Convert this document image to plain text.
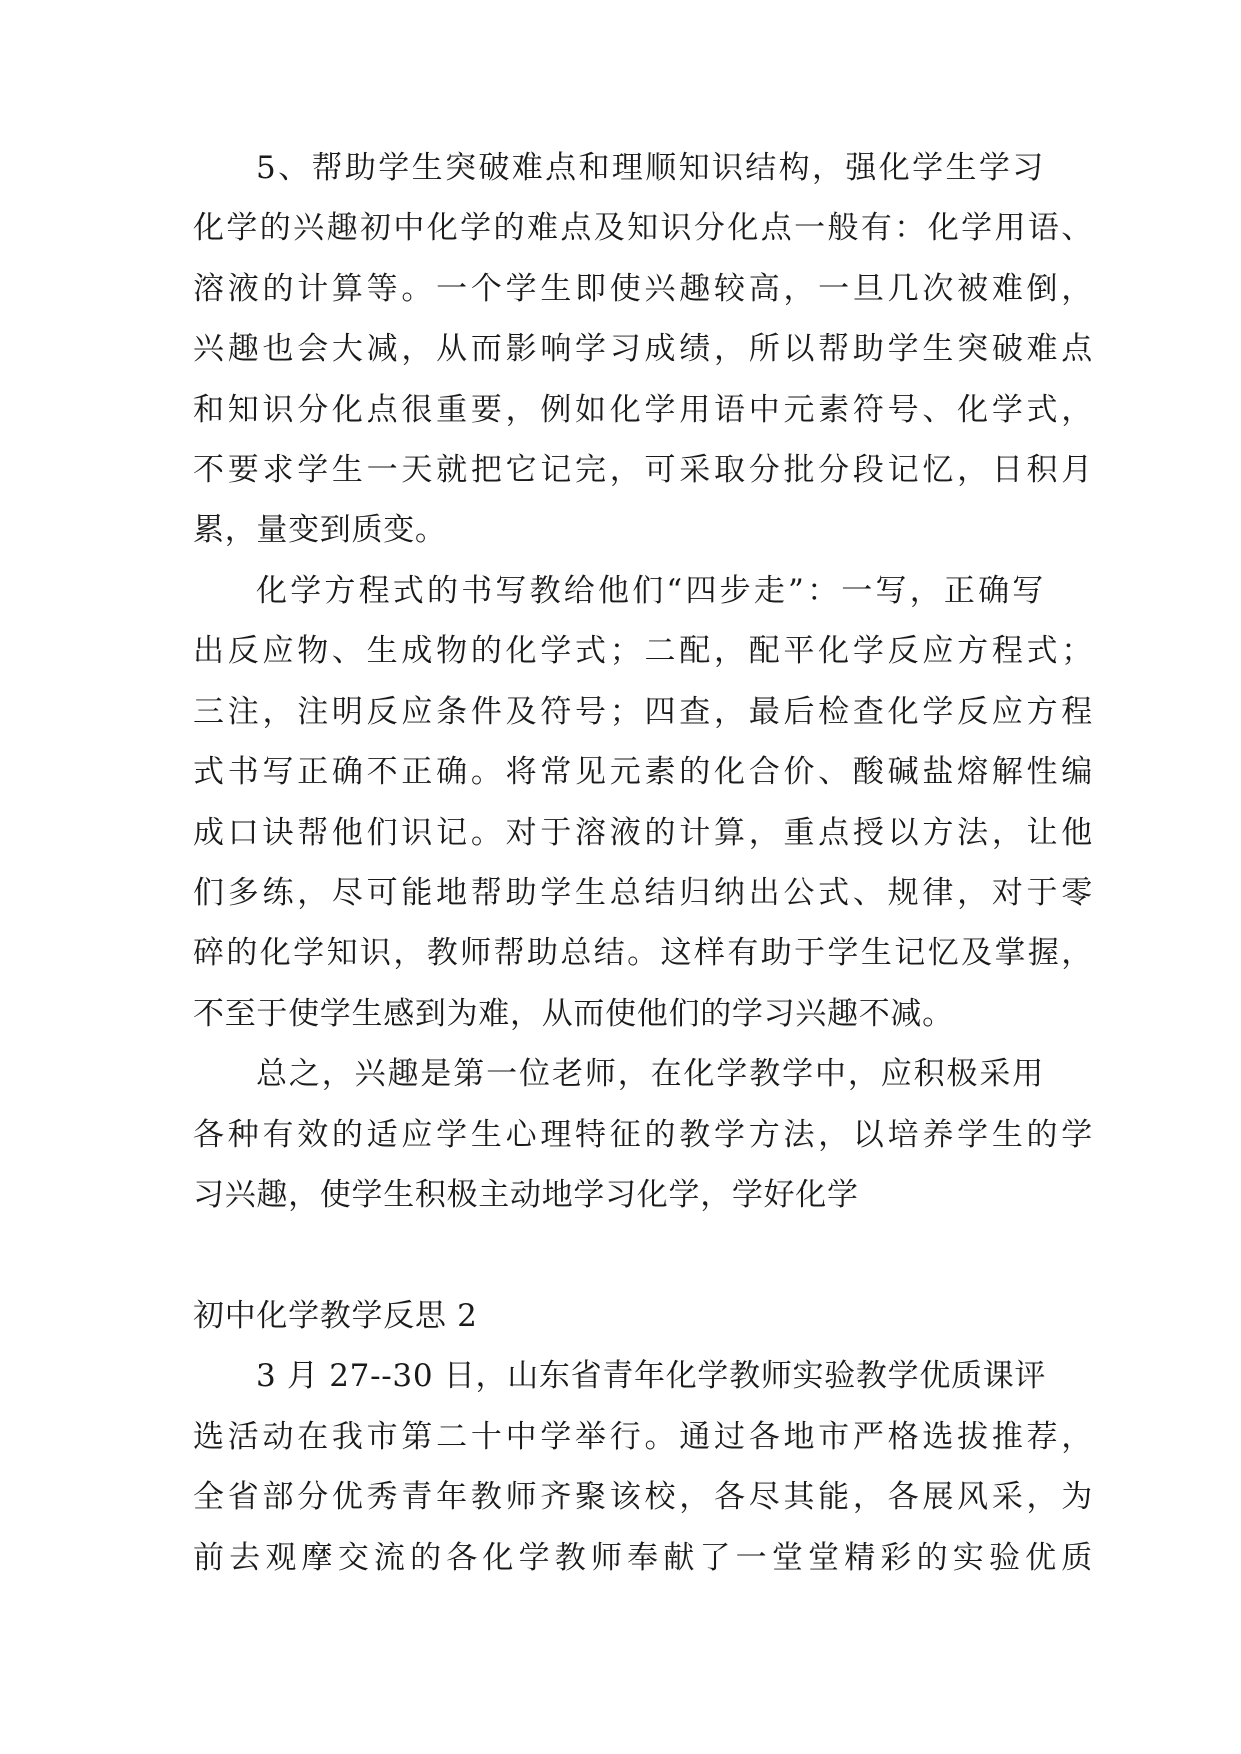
5、帮助学生突破难点和理顺知识结构，强化学生学习
化学的兴趣初中化学的难点及知识分化点一般有：化学用语、
溶液的计算等。一个学生即使兴趣较高，一旦几次被难倒，
兴趣也会大减，从而影响学习成绩，所以帮助学生突破难点
和知识分化点很重要，例如化学用语中元素符号、化学式，
不要求学生一天就把它记完，可采取分批分段记忆，日积月
累，量变到质变。
化学方程式的书写教给他们“四步走”：一写，正确写
出反应物、生成物的化学式；二配，配平化学反应方程式；
三注，注明反应条件及符号；四查，最后检查化学反应方程
式书写正确不正确。将常见元素的化合价、酸碱盐熔解性编
成口诀帮他们识记。对于溶液的计算，重点授以方法，让他
们多练，尽可能地帮助学生总结归纳出公式、规律，对于零
碎的化学知识，教师帮助总结。这样有助于学生记忆及掌握，
不至于使学生感到为难，从而使他们的学习兴趣不减。
总之，兴趣是第一位老师，在化学教学中，应积极采用
各种有效的适应学生心理特征的教学方法，以培养学生的学
习兴趣，使学生积极主动地学习化学，学好化学
初中化学教学反思 2
3 月 27--30 日，山东省青年化学教师实验教学优质课评
选活动在我市第二十中学举行。通过各地市严格选拔推荐，
全省部分优秀青年教师齐聚该校，各尽其能，各展风采，为
前去观摩交流的各化学教师奉献了一堂堂精彩的实验优质
